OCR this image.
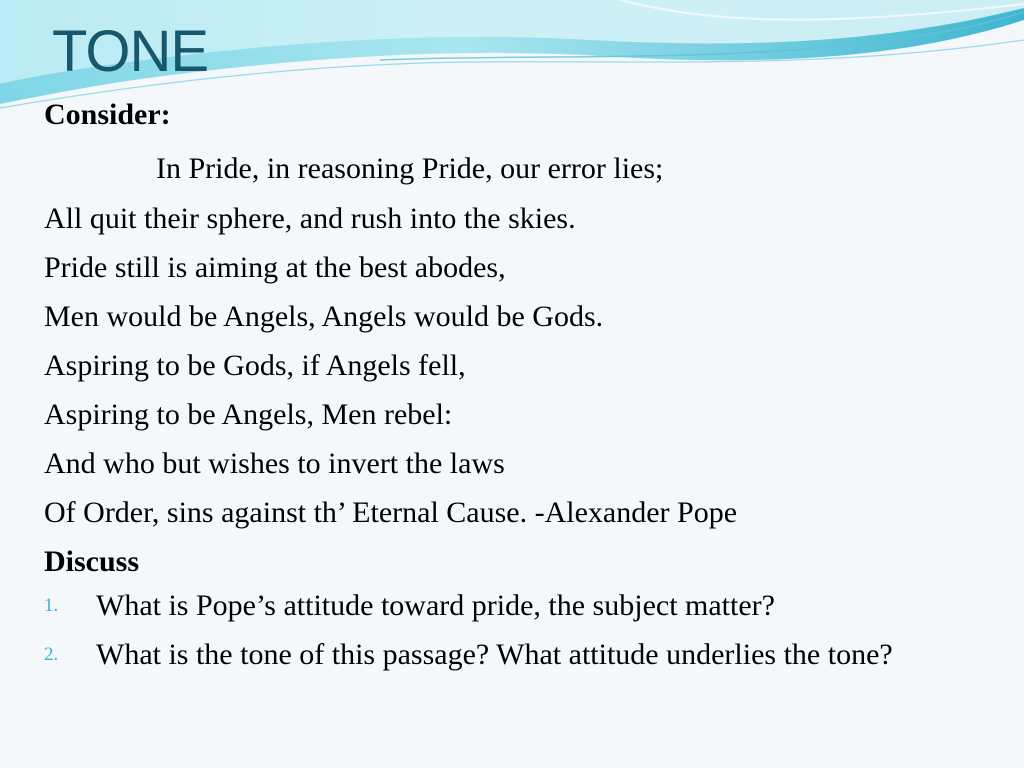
TONE
Consider:
In Pride, in reasoning Pride, our error lies;
All quit their sphere, and rush into the skies.
Pride still is aiming at the best abodes,
Men would be Angels, Angels would be Gods.
Aspiring to be Gods, if Angels fell,
Aspiring to be Angels, Men rebel:
And who but wishes to invert the laws
Of Order, sins against th’ Eternal Cause. -Alexander Pope
Discuss
1. What is Pope’s attitude toward pride, the subject matter?
2. What is the tone of this passage? What attitude underlies the tone?
